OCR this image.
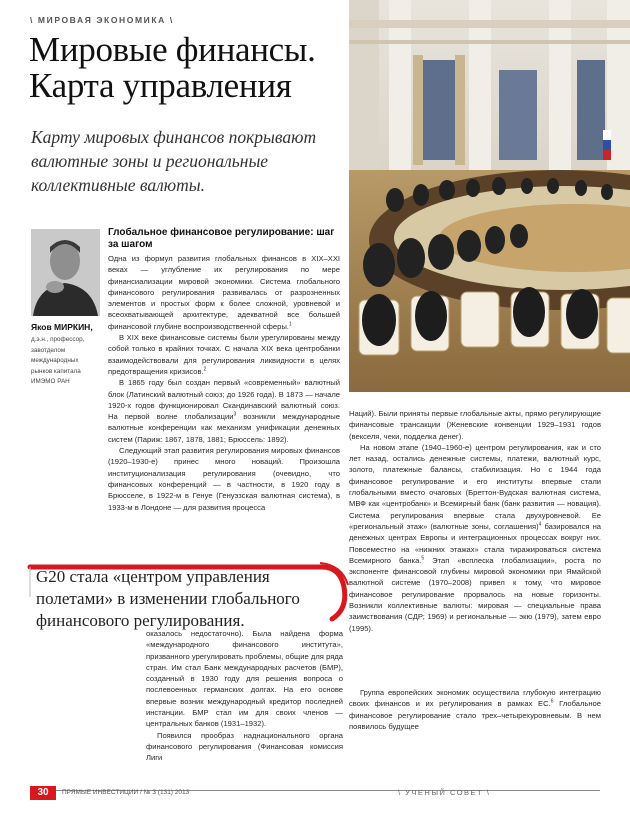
\ МИРОВАЯ ЭКОНОМИКА \
Мировые финансы.
Карта управления
Карту мировых финансов покрывают валютные зоны и региональные коллективные валюты.
Яков МИРКИН,
д.э.н., профессор,
завотделом
международных
рынков капитала
ИМЭМО РАН
Глобальное финансовое регулирование: шаг за шагом

Одна из формул развития глобальных финансов в XIX–XXI веках — углубление их регулирования по мере финансиализации мировой экономики. Система глобального финансового регулирования развивалась от разрозненных элементов и простых форм к более сложной, уровневой и всеохватывающей архитектуре, адекватной все большей финансовой глубине воспроизводственной сферы.$^1$

В XIX веке финансовые системы были урегулированы между собой только в крайних точках. С начала XIX века центробанки взаимодействовали для регулирования ликвидности в целях предотвращения кризисов.$^2$

В 1865 году был создан первый «современный» валютный блок (Латинский валютный союз; до 1926 года). В 1873 — начале 1920-х годов функционировал Скандинавский валютный союз. На первой волне глобализации$^3$ возникли международные валютные конференции как механизм унификации денежных систем (Париж: 1867, 1878, 1881; Брюссель: 1892).

Следующий этап развития регулирования мировых финансов (1920–1930-е) принес много новаций. Произошла институционализация регулирования (очевидно, что финансовых конференций — в частности, в 1920 году в Брюсселе, в 1922-м в Генуе (Генуэзская валютная система), в 1933-м в Лондоне — для развития процесса

G20 стала «центром управления полетами» в изменении глобального финансового регулирования.

оказалось недостаточно). Была найдена форма «международного финансового института», призванного урегулировать проблемы, общие для ряда стран. Им стал Банк международных расчетов (БМР), созданный в 1930 году для решения вопроса о послевоенных германских долгах. На его основе впервые возник международный кредитор последней инстанции. БМР стал им для своих членов — центральных банков (1931–1932).

Появился прообраз наднационального органа финансового регулирования (Финансовая комиссия Лиги

Наций). Были приняты первые глобальные акты, прямо регулирующие финансовые трансакции (Женевские конвенции 1929–1931 годов (векселя, чеки, подделка денег).

На новом этапе (1940–1960-е) центром регулирования, как и сто лет назад, остались денежные системы, платежи, валютный курс, золото, платежные балансы, стабилизация. Но с 1944 года финансовое регулирование и его институты впервые стали глобальными вместо очаговых (Бреттон-Вудская валютная система, МВФ как «центробанк» и Всемирный банк (банк развития — новация). Система регулирования впервые стала двухуровневой. Ее «региональный этаж» (валютные зоны, соглашения)$^4$ базировался на денежных центрах Европы и интеграционных процессах вокруг них. Повсеместно на «нижних этажах» стала тиражироваться система Всемирного банка.$^5$ Этап «всплеска глобализации», роста по экспоненте финансовой глубины мировой экономики при Ямайской валютной системе (1970–2008) привел к тому, что мировое финансовое регулирование прорвалось на новые горизонты. Возникли коллективные валюты: мировая — специальные права заимствования (СДР; 1969) и региональные — экю (1979), затем евро (1995).

Группа европейских экономик осуществила глубокую интеграцию своих финансов и их регулирования в рамках ЕС.$^6$ Глобальное финансовое регулирование стало трех–четырехуровневым. В нем появилось будущее

30	ПРЯМЫЕ ИНВЕСТИЦИИ / № 3 (131) 2013	\ УЧЕНЫЙ СОВЕТ \
